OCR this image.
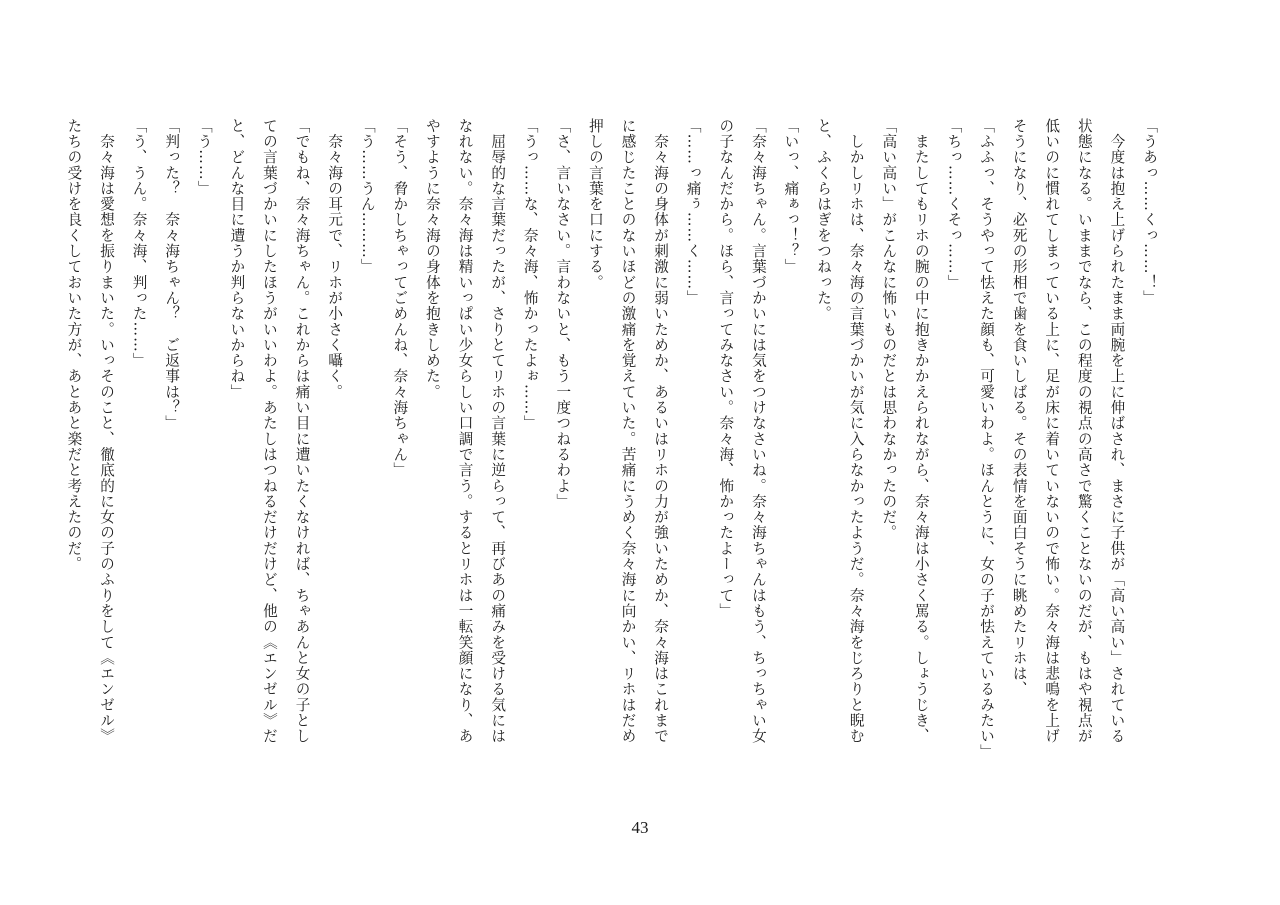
「うあっ……くっ……！」

　今度は抱え上げられたまま両腕を上に伸ばされ、まさに子供が「高い高い」されている

状態になる。いままでなら、この程度の視点の高さで驚くことないのだが、もはや視点が

低いのに慣れてしまっている上に、足が床に着いていないので怖い。奈々海は悲鳴を上げ

そうになり、必死の形相で歯を食いしばる。その表情を面白そうに眺めたリホは、

「ふふっ、そうやって怯えた顔も、可愛いわよ。ほんとうに、女の子が怯えているみたい」

「ちっ……くそっ……」

　またしてもリホの腕の中に抱きかかえられながら、奈々海は小さく罵る。しょうじき、

「高い高い」がこんなに怖いものだとは思わなかったのだ。

　しかしリホは、奈々海の言葉づかいが気に入らなかったようだ。奈々海をじろりと睨む

と、ふくらはぎをつねった。

「いっ、痛ぁっ！？」

「奈々海ちゃん。言葉づかいには気をつけなさいね。奈々海ちゃんはもう、ちっちゃい女

の子なんだから。ほら、言ってみなさい。奈々海、怖かったよーって」

「……っ痛ぅ……く……」

　奈々海の身体が刺激に弱いためか、あるいはリホの力が強いためか、奈々海はこれまで

に感じたことのないほどの激痛を覚えていた。苦痛にうめく奈々海に向かい、リホはだめ

押しの言葉を口にする。

「さ、言いなさい。言わないと、もう一度つねるわよ」

「うっ……な、奈々海、怖かったよぉ……」

　屈辱的な言葉だったが、さりとてリホの言葉に逆らって、再びあの痛みを受ける気には

なれない。奈々海は精いっぱい少女らしい口調で言う。するとリホは一転笑顔になり、あ

やすように奈々海の身体を抱きしめた。

「そう、脅かしちゃってごめんね、奈々海ちゃん」

「う……うん………」

　奈々海の耳元で、リホが小さく囁く。

「でもね、奈々海ちゃん。これからは痛い目に遭いたくなければ、ちゃあんと女の子とし

ての言葉づかいにしたほうがいいわよ。あたしはつねるだけだけど、他の《エンゼル》だ

と、どんな目に遭うか判らないからね」

「う……」

「判った？　奈々海ちゃん？　ご返事は？」

「う、うん。奈々海、判った……」

　奈々海は愛想を振りまいた。いっそのこと、徹底的に女の子のふりをして《エンゼル》

たちの受けを良くしておいた方が、あとあと楽だと考えたのだ。

43
